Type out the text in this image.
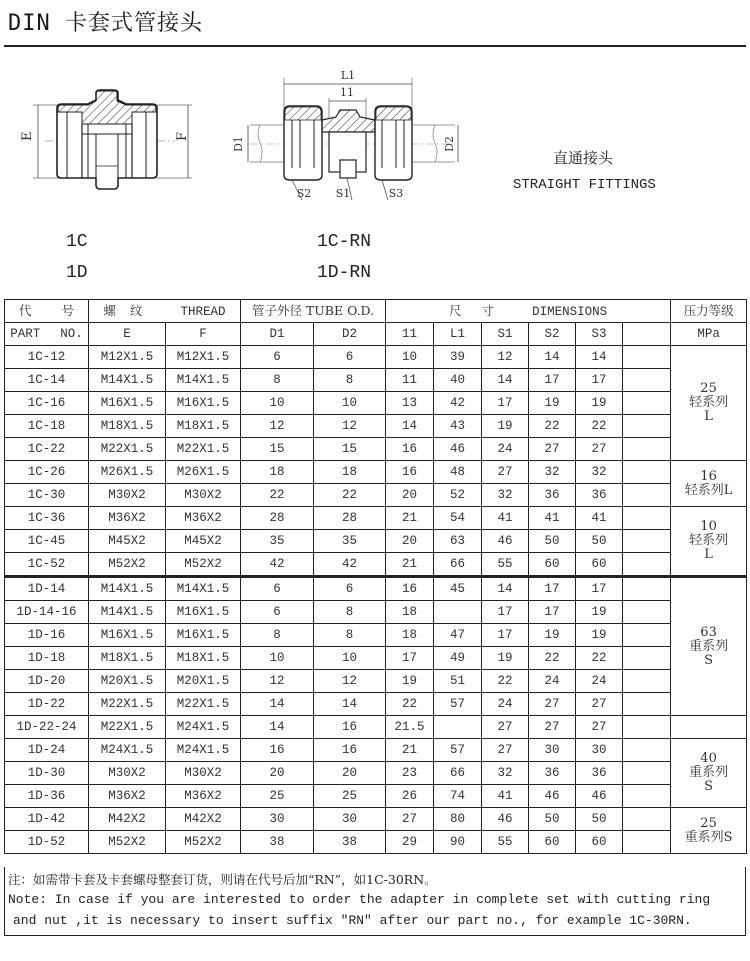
DIN 卡套式管接头
E	F
L1
11
D1	D2
S2 S1	S3
直通接头
STRAIGHT FITTINGS
1C
1D
1C-RN
1D-RN
代 号	螺 纹 THREAD		管子外径 TUBE O.D.		尺 寸 DIMENSIONS						压力等级
PART NO.	E	F	D1	D2	11	L1	S1	S2	S3		MPa
1C-12	M12X1.5	M12X1.5	6	6	10	39	12	14	14		25
轻系列
L

1C-14	M14X1.5	M14X1.5	8	8	11	40	14	17	17		
1C-16	M16X1.5	M16X1.5	10	10	13	42	17	19	19		
1C-18	M18X1.5	M18X1.5	12	12	14	43	19	22	22		
1C-22	M22X1.5	M22X1.5	15	15	16	46	24	27	27		
1C-26	M26X1.5	M26X1.5	18	18	16	48	27	32	32		16
轻系列L

1C-30	M30X2	M30X2	22	22	20	52	32	36	36		
1C-36	M36X2	M36X2	28	28	21	54	41	41	41		10
轻系列
L

1C-45	M45X2	M45X2	35	35	20	63	46	50	50		
1C-52	M52X2	M52X2	42	42	21	66	55	60	60		
1D-14	M14X1.5	M14X1.5	6	6	16	45	14	17	17		63
重系列
S

1D-14-16	M14X1.5	M16X1.5	6	8	18		17	17	19		
1D-16	M16X1.5	M16X1.5	8	8	18	47	17	19	19		
1D-18	M18X1.5	M18X1.5	10	10	17	49	19	22	22		
1D-20	M20X1.5	M20X1.5	12	12	19	51	22	24	24		
1D-22	M22X1.5	M22X1.5	14	14	22	57	24	27	27		
1D-22-24	M22X1.5	M24X1.5	14	16	21.5		27	27	27		

1D-24	M24X1.5	M24X1.5	16	16	21	57	27	30	30		40
重系列
S

1D-30	M30X2	M30X2	20	20	23	66	32	36	36		
1D-36	M36X2	M36X2	25	25	26	74	41	46	46		
1D-42	M42X2	M42X2	30	30	27	80	46	50	50		25
重系列S

1D-52	M52X2	M52X2	38	38	29	90	55	60	60		
注：如需带卡套及卡套螺母整套订货，则请在代号后加“RN”，如1C-30RN。
Note: In case if you are interested to order the adapter in complete set with cutting ring
and nut ,it is necessary to insert suffix "RN" after our part no., for example 1C-30RN.
